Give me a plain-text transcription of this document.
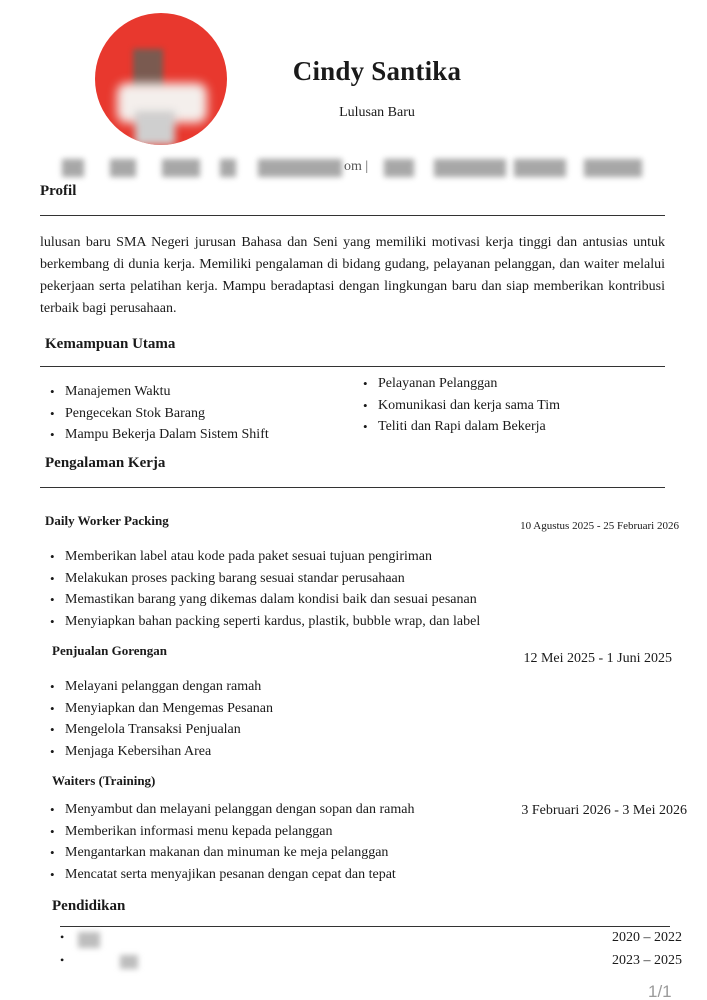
Cindy Santika
Lulusan Baru
om |
Profil
lulusan baru SMA Negeri jurusan Bahasa dan Seni yang memiliki motivasi kerja tinggi dan antusias untuk berkembang di dunia kerja. Memiliki pengalaman di bidang gudang, pelayanan pelanggan, dan waiter melalui pekerjaan serta pelatihan kerja. Mampu beradaptasi dengan lingkungan baru dan siap memberikan kontribusi terbaik bagi perusahaan.
Kemampuan Utama
• Manajemen Waktu
• Pengecekan Stok Barang
• Mampu Bekerja Dalam Sistem Shift
• Pelayanan Pelanggan
• Komunikasi dan kerja sama Tim
• Teliti dan Rapi dalam Bekerja
Pengalaman Kerja
Daily Worker Packing	10 Agustus 2025 - 25 Februari 2026
• Memberikan label atau kode pada paket sesuai tujuan pengiriman
• Melakukan proses packing barang sesuai standar perusahaan
• Memastikan barang yang dikemas dalam kondisi baik dan sesuai pesanan
• Menyiapkan bahan packing seperti kardus, plastik, bubble wrap, dan label
Penjualan Gorengan
12 Mei 2025 - 1 Juni 2025
• Melayani pelanggan dengan ramah
• Menyiapkan dan Mengemas Pesanan
• Mengelola Transaksi Penjualan
• Menjaga Kebersihan Area
Waiters (Training)
3 Februari 2026 - 3 Mei 2026
• Menyambut dan melayani pelanggan dengan sopan dan ramah
• Memberikan informasi menu kepada pelanggan
• Mengantarkan makanan dan minuman ke meja pelanggan
• Mencatat serta menyajikan pesanan dengan cepat dan tepat
Pendidikan
•	2020 – 2022
•	2023 – 2025
1/1
